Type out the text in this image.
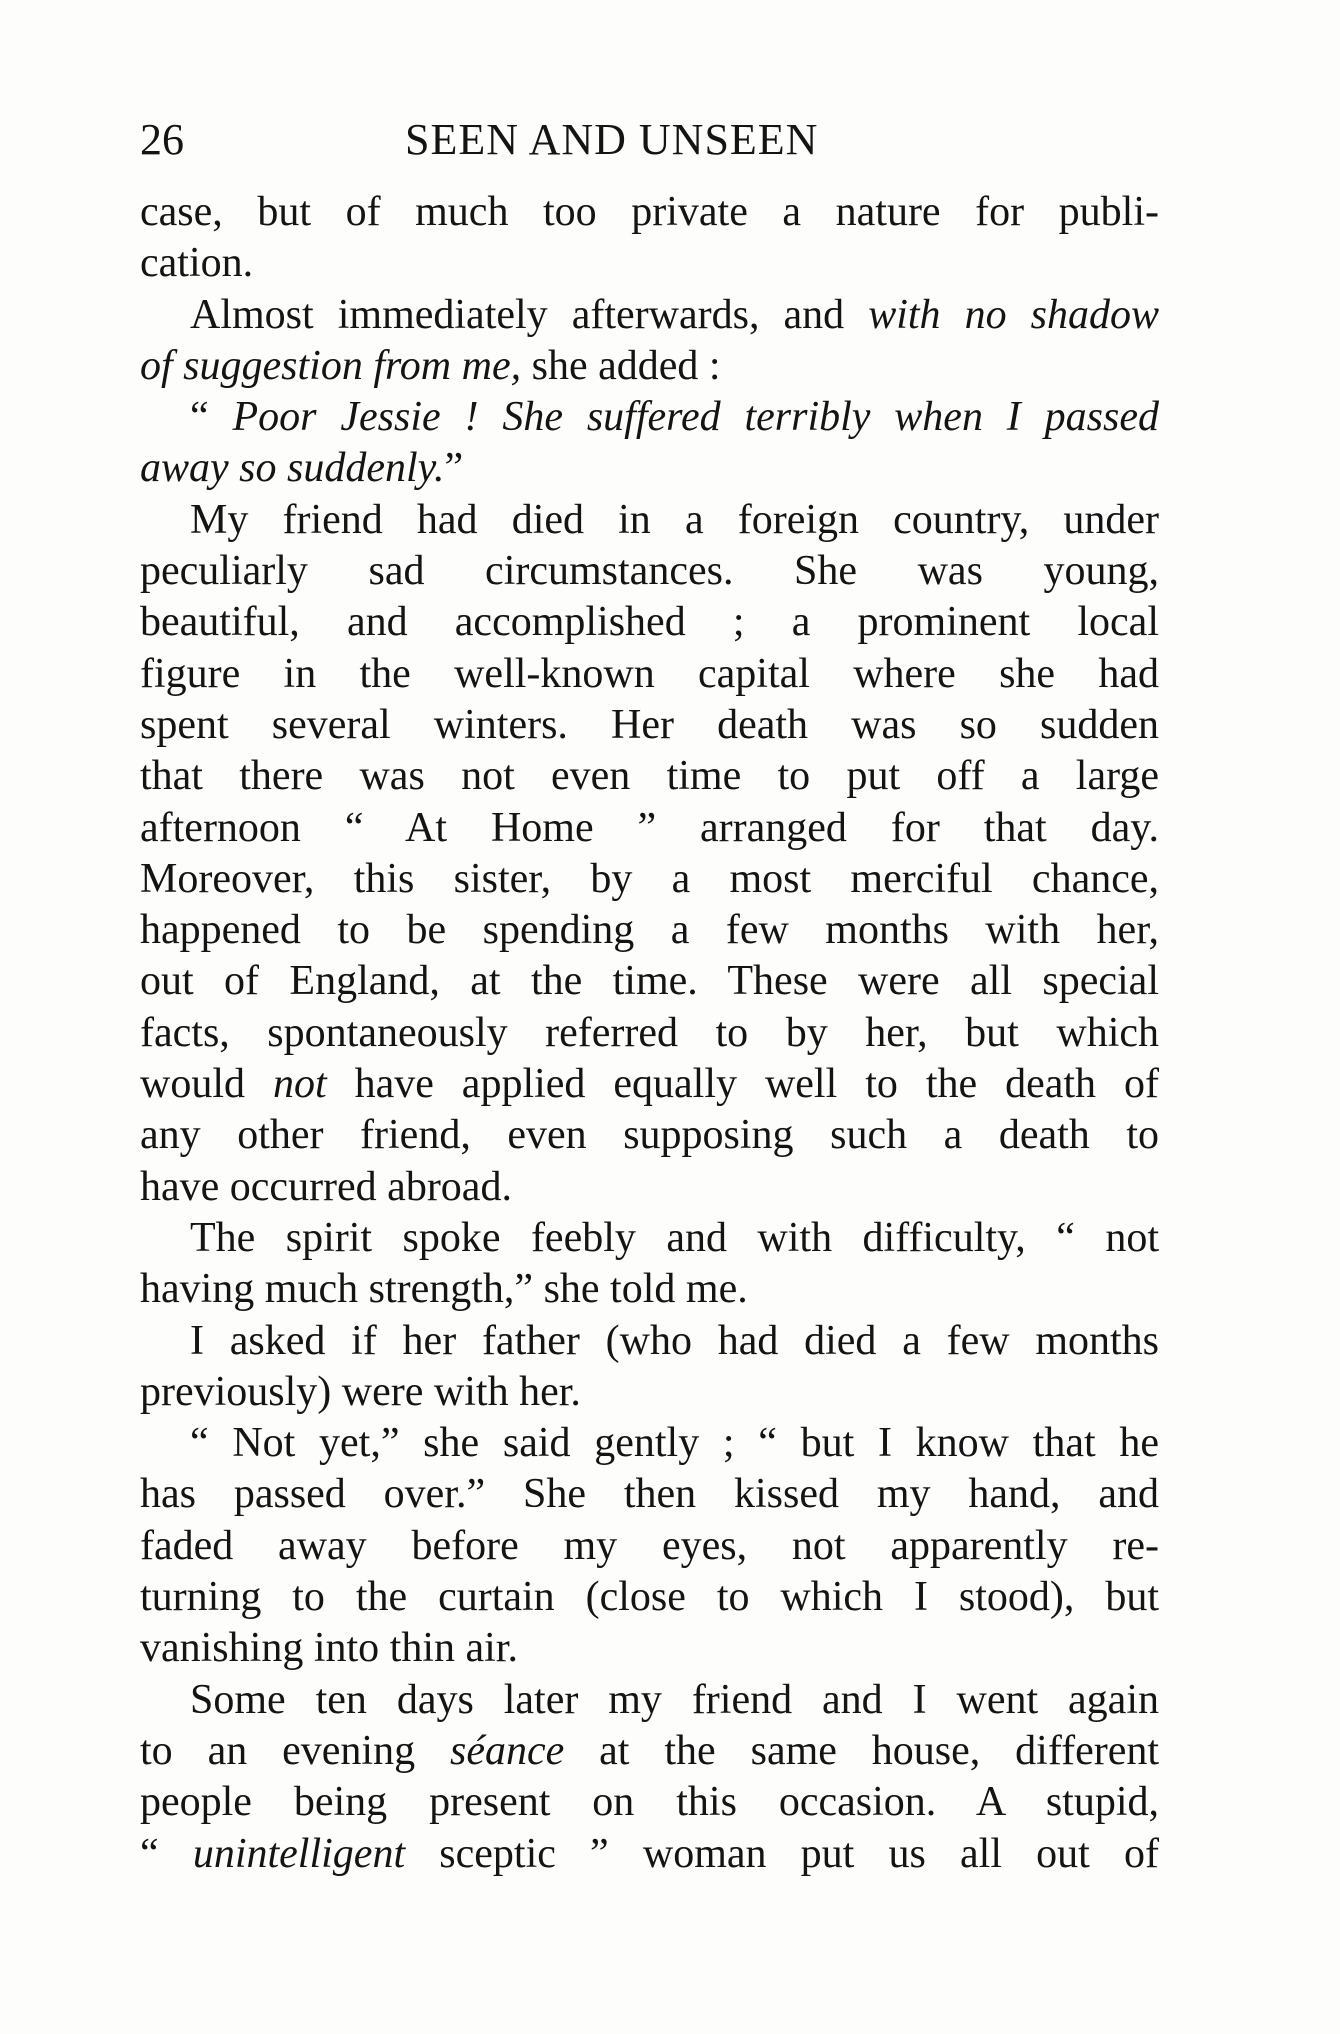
26	SEEN AND UNSEEN
case, but of much too private a nature for publi-
cation.
Almost immediately afterwards, and with no shadow
of suggestion from me, she added :
“ Poor Jessie ! She suffered terribly when I passed
away so suddenly.”
My friend had died in a foreign country, under
peculiarly sad circumstances. She was young,
beautiful, and accomplished ; a prominent local
figure in the well-known capital where she had
spent several winters. Her death was so sudden
that there was not even time to put off a large
afternoon “ At Home ” arranged for that day.
Moreover, this sister, by a most merciful chance,
happened to be spending a few months with her,
out of England, at the time. These were all special
facts, spontaneously referred to by her, but which
would not have applied equally well to the death of
any other friend, even supposing such a death to
have occurred abroad.
The spirit spoke feebly and with difficulty, “ not
having much strength,” she told me.
I asked if her father (who had died a few months
previously) were with her.
“ Not yet,” she said gently ; “ but I know that he
has passed over.” She then kissed my hand, and
faded away before my eyes, not apparently re-
turning to the curtain (close to which I stood), but
vanishing into thin air.
Some ten days later my friend and I went again
to an evening séance at the same house, different
people being present on this occasion. A stupid,
“ unintelligent sceptic ” woman put us all out of
